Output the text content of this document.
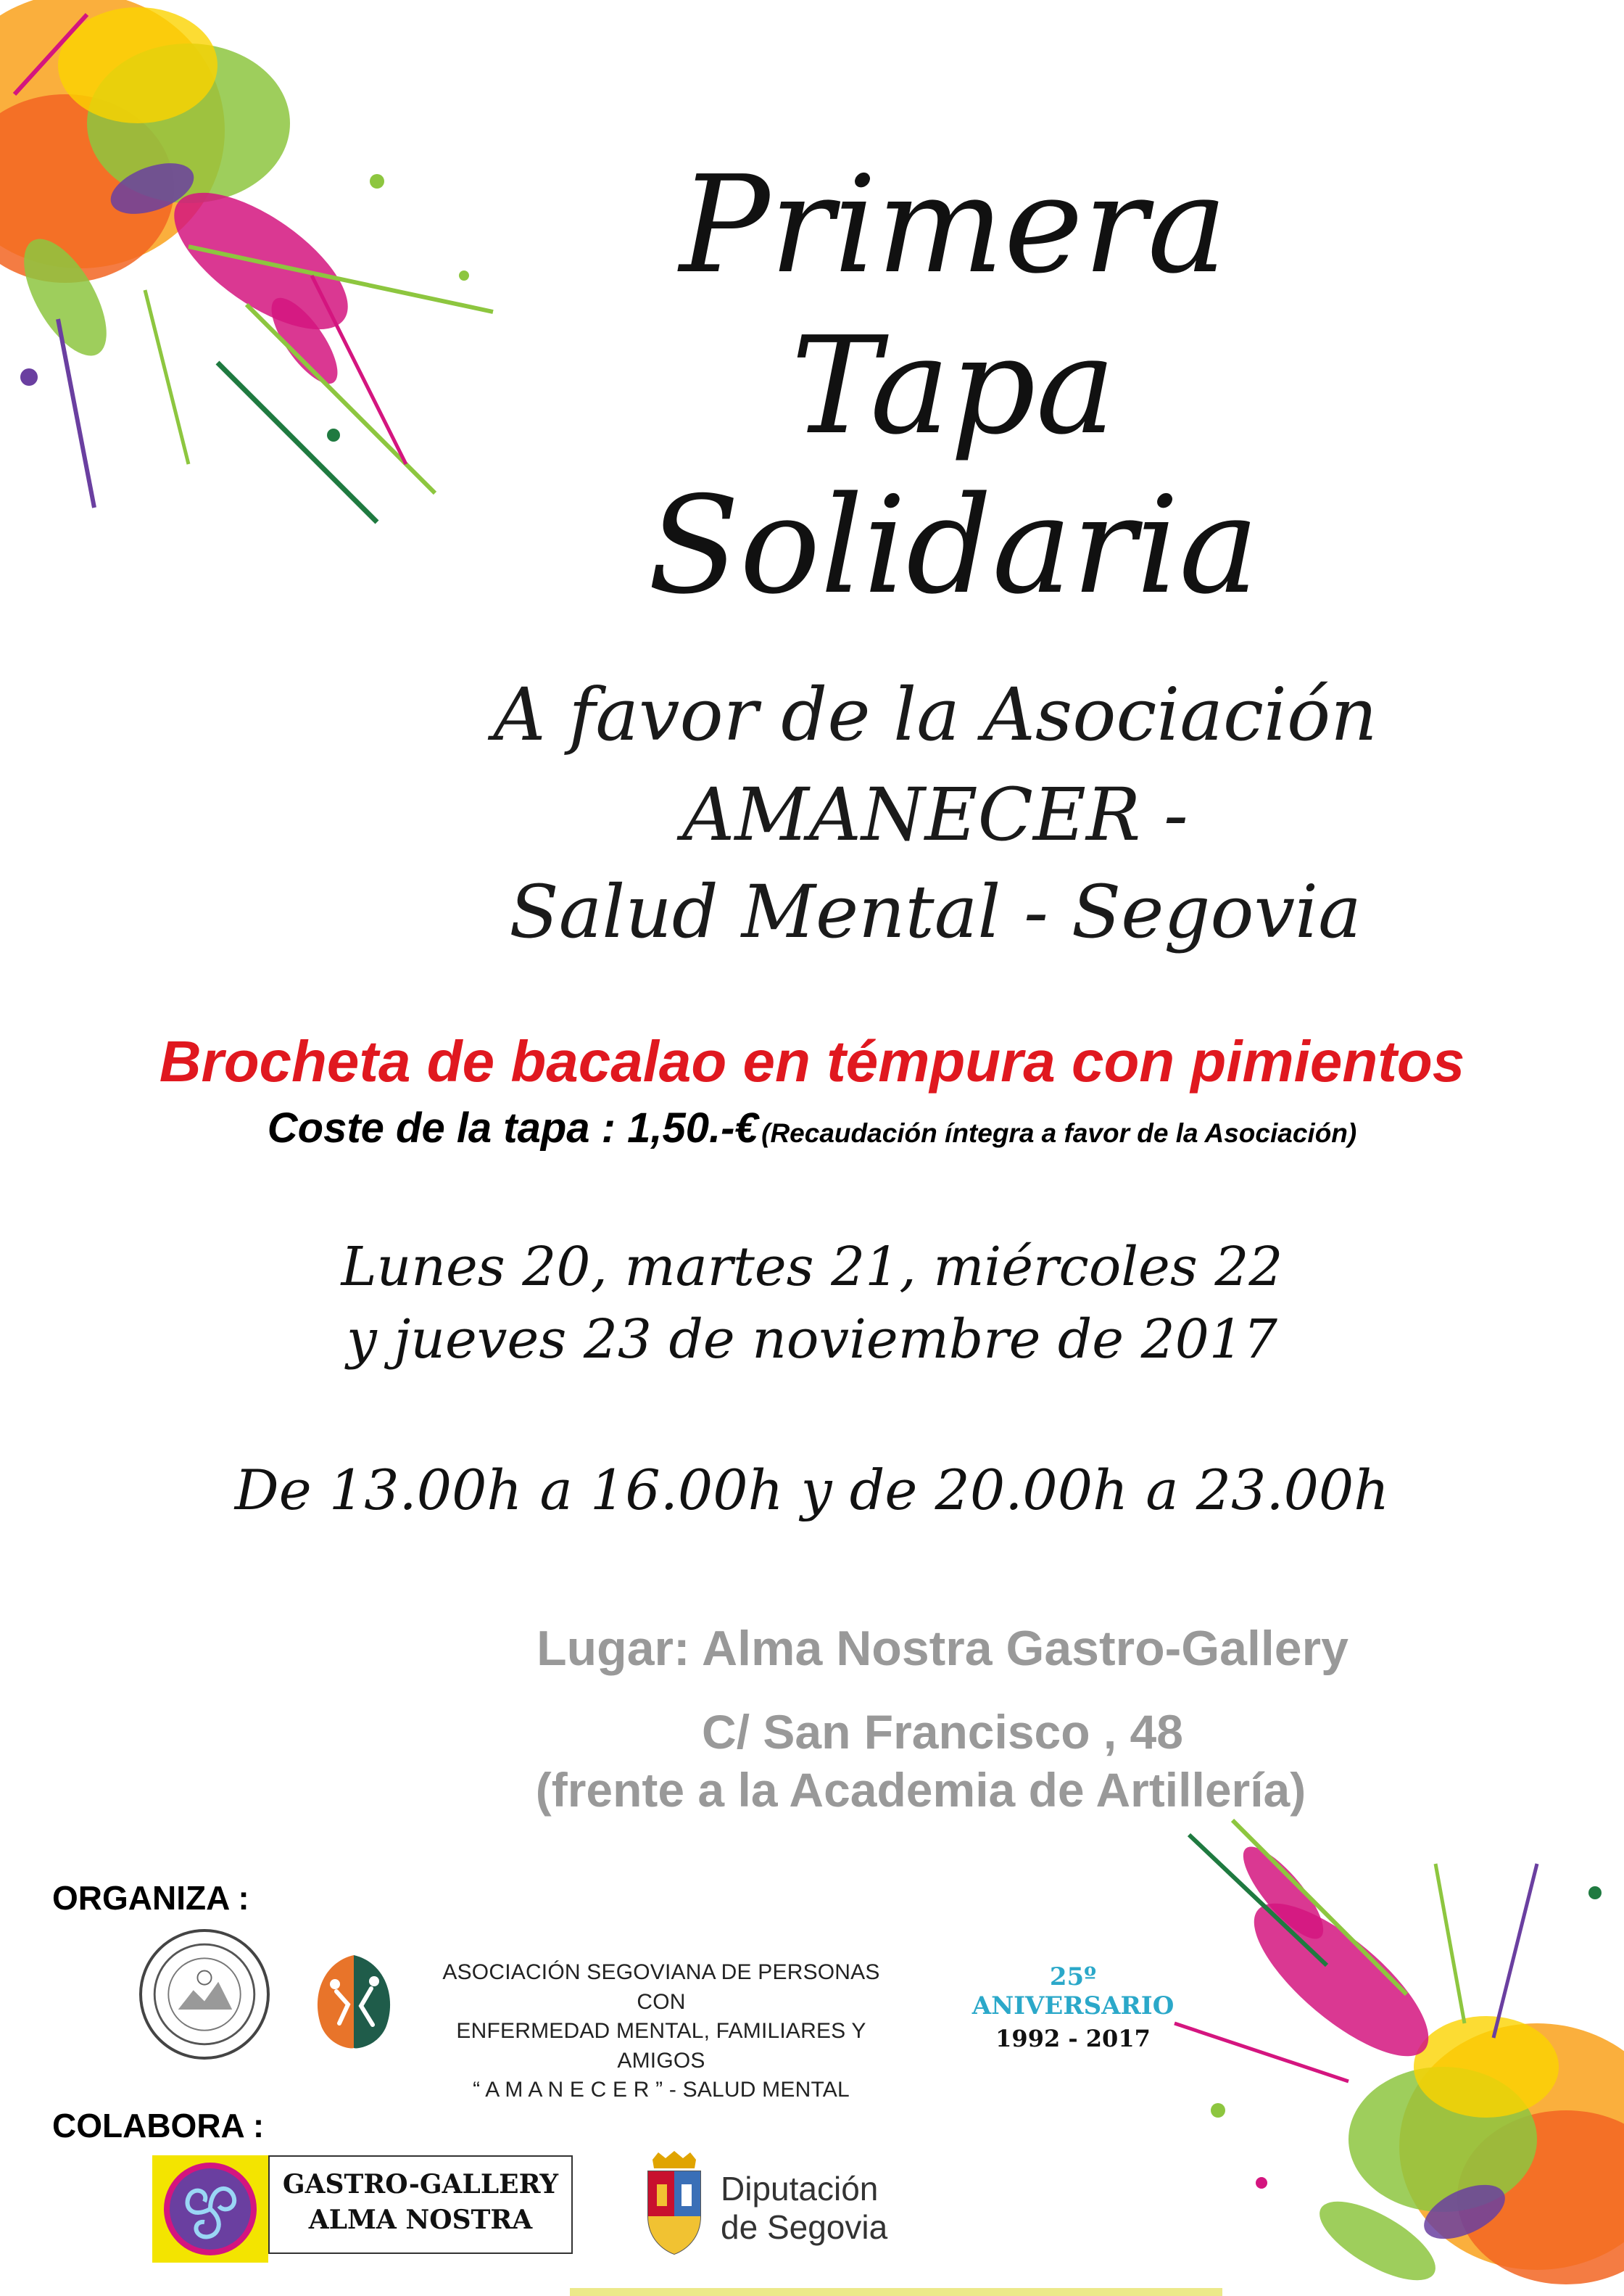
Primera
Tapa
Solidaria
A favor de la Asociación
AMANECER -
Salud Mental - Segovia
Brocheta de bacalao en témpura con pimientos
Coste de la tapa : 1,50.-€ (Recaudación íntegra a favor de la Asociación)
Lunes 20, martes 21, miércoles 22
y jueves 23 de noviembre de 2017
De 13.00h a 16.00h y de 20.00h a 23.00h
Lugar: Alma Nostra Gastro-Gallery
C/ San Francisco , 48
(frente a la Academia de Artillería)
ORGANIZA :
ASOCIACIÓN SEGOVIANA DE PERSONAS CON
ENFERMEDAD MENTAL, FAMILIARES Y AMIGOS
“ A M A N E C E R ” - SALUD MENTAL
25º ANIVERSARIO
1992 - 2017
COLABORA :
GASTRO-GALLERY
ALMA NOSTRA
Diputación
de Segovia
